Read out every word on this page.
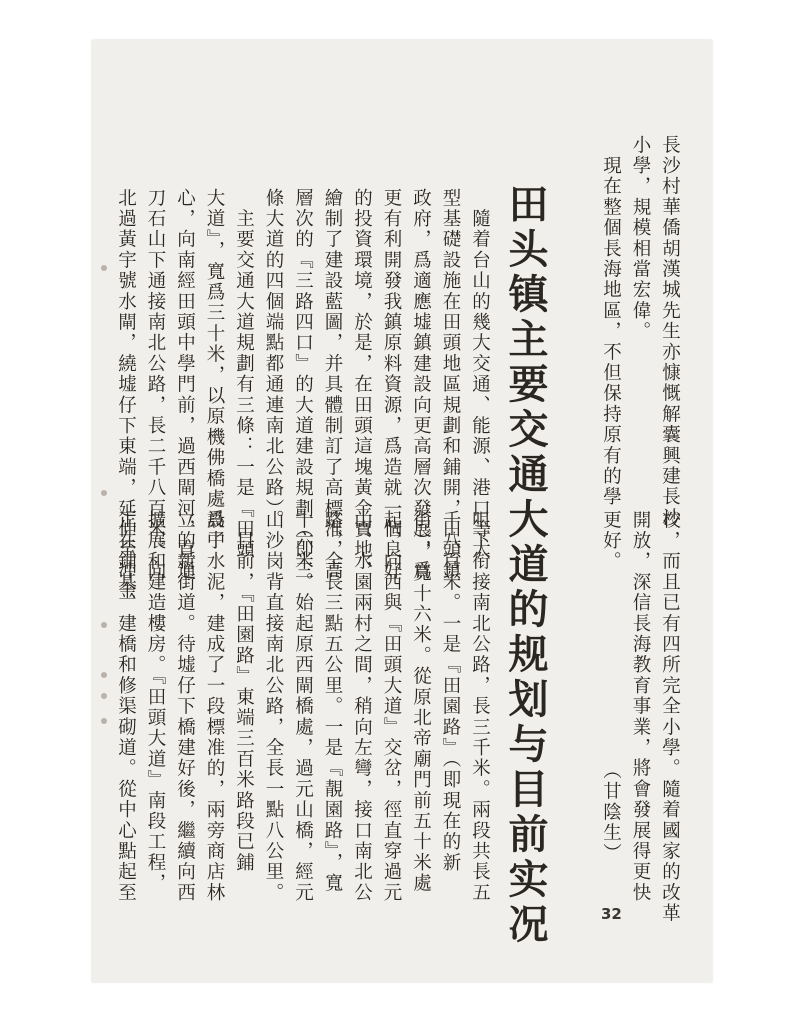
長沙村華僑胡漢城先生亦慷慨解囊興建長沙
小學，規模相當宏偉。
　現在整個長海地區，不但保持原有的學
校，而且已有四所完全小學。隨着國家的改革
開放，深信長海教育事業，將會發展得更快
更好。　　　　　　　　　　（甘陰生）
　隨着台山的幾大交通、能源、港口等大
型基礎設施在田頭地區規劃和鋪開，田頭鎮
政府，爲適應墟鎮建設向更高層次發展，爲
更有利開發我鎮原料資源，爲造就一個良好
的投資環境，於是，在田頭這塊黃金寶地，
繪制了建設藍圖，并具體制訂了高標准，高
層次的『三路四口』的大道建設規劃（即三
條大道的四個端點都通連南北公路）。
　主要交通大道規劃有三條：一是『田頭
大道』，寬爲三十米，以原機佛橋處爲中
心，向南經田頭中學門前，過西閘河，直通
刀石山下通接南北公路，長二千八百米。向
北過黃宇號水閘，繞墟仔下東端，延伸至冲金
咀下衔接南北公路，長三千米。兩段共長五
千八百米。一是『田園路』（即現在的新
街），寬十六米。從原北帝廟門前五十米處
起，向西與『田頭大道』交岔，徑直穿過元
山、水園兩村之間，稍向左彎，接口南北公
路，全長三點五公里。一是『靚園路』，寬
十六米。始起原西閘橋處，過元山橋，經元
山沙岗背直接南北公路，全長一點八公里。
　目前，『田園路』東端三百米路段已鋪
設了水泥，建成了一段標准的，兩旁商店林
立的新街道。待墟仔下橋建好後，繼續向西
擴展和建造樓房。『田頭大道』南段工程，
正在鋪基、建橋和修渠砌道。從中心點起至	田头镇主要交通大道的规划与目前实况	32
